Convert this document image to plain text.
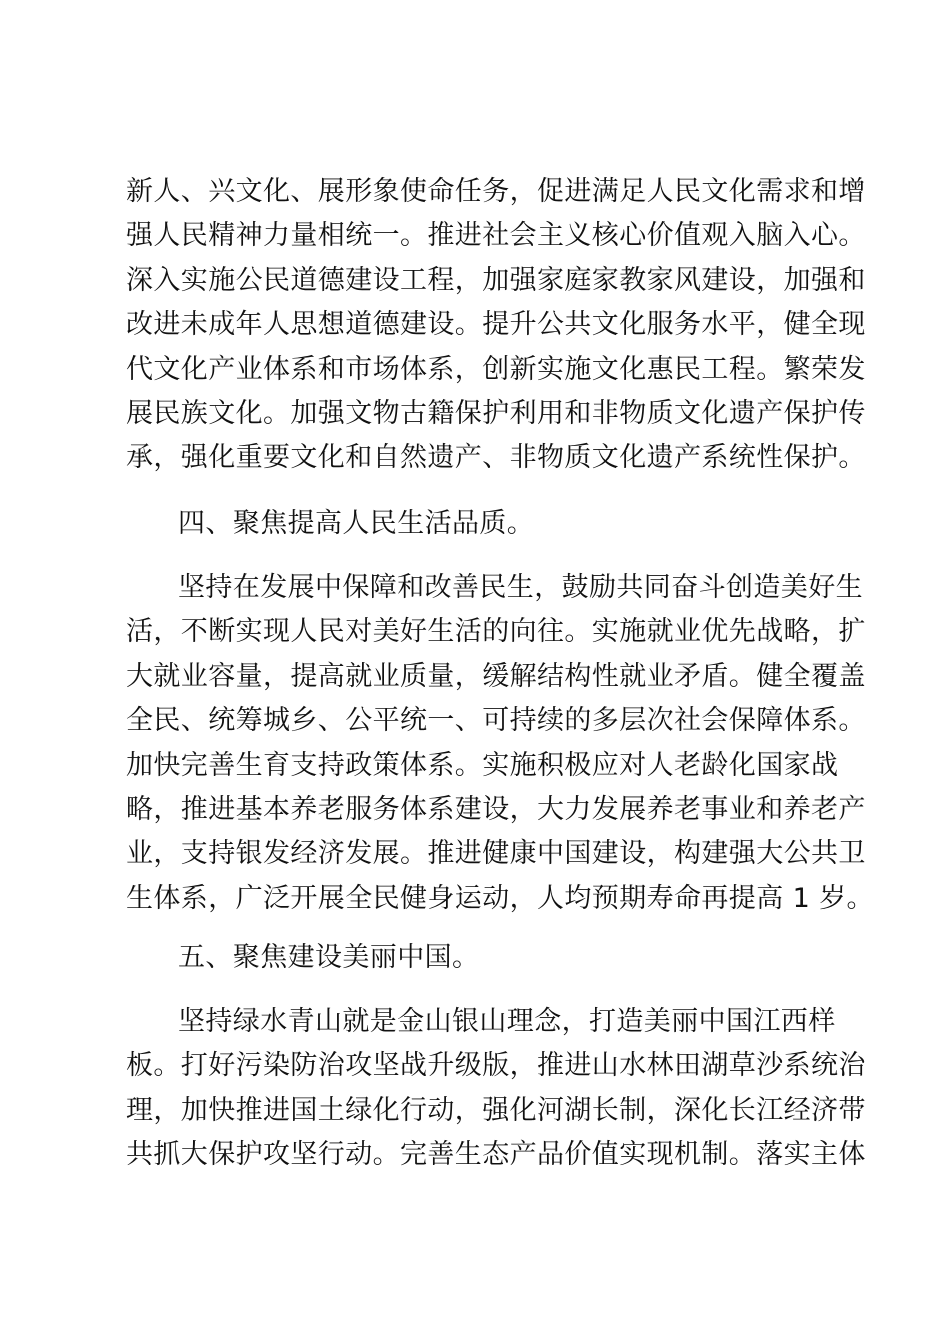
新人、兴文化、展形象使命任务，促进满足人民文化需求和增
强人民精神力量相统一。推进社会主义核心价值观入脑入心。
深入实施公民道德建设工程，加强家庭家教家风建设，加强和
改进未成年人思想道德建设。提升公共文化服务水平，健全现
代文化产业体系和市场体系，创新实施文化惠民工程。繁荣发
展民族文化。加强文物古籍保护利用和非物质文化遗产保护传
承，强化重要文化和自然遗产、非物质文化遗产系统性保护。
四、聚焦提高人民生活品质。
坚持在发展中保障和改善民生，鼓励共同奋斗创造美好生
活，不断实现人民对美好生活的向往。实施就业优先战略，扩
大就业容量，提高就业质量，缓解结构性就业矛盾。健全覆盖
全民、统筹城乡、公平统一、可持续的多层次社会保障体系。
加快完善生育支持政策体系。实施积极应对人老龄化国家战
略，推进基本养老服务体系建设，大力发展养老事业和养老产
业，支持银发经济发展。推进健康中国建设，构建强大公共卫
生体系，广泛开展全民健身运动，人均预期寿命再提高 1 岁。
五、聚焦建设美丽中国。
坚持绿水青山就是金山银山理念，打造美丽中国江西样
板。打好污染防治攻坚战升级版，推进山水林田湖草沙系统治
理，加快推进国土绿化行动，强化河湖长制，深化长江经济带
共抓大保护攻坚行动。完善生态产品价值实现机制。落实主体
